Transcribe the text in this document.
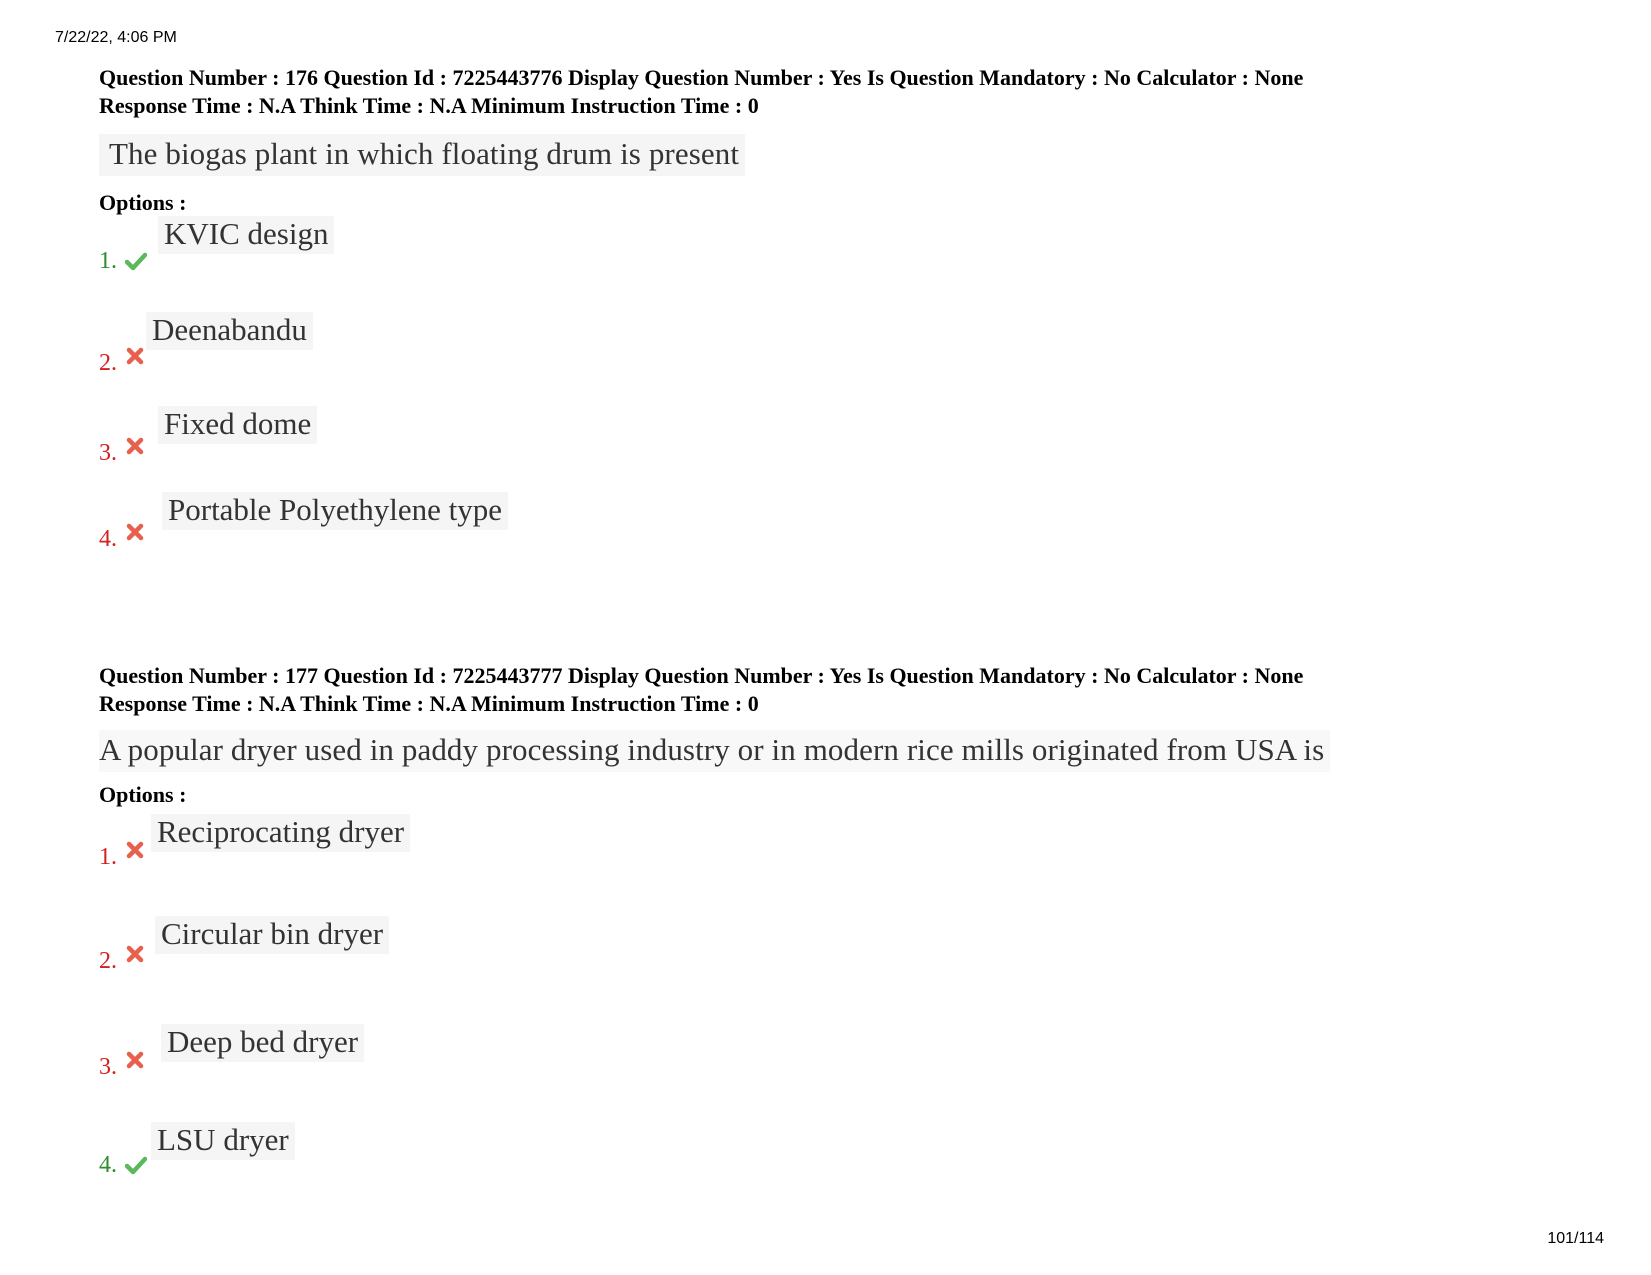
7/22/22, 4:06 PM
Question Number : 176 Question Id : 7225443776 Display Question Number : Yes Is Question Mandatory : No Calculator : None
Response Time : N.A Think Time : N.A Minimum Instruction Time : 0
The biogas plant in which floating drum is present
Options :
1.
KVIC design
2.
Deenabandu
3.
Fixed dome
4.
Portable Polyethylene type
Question Number : 177 Question Id : 7225443777 Display Question Number : Yes Is Question Mandatory : No Calculator : None
Response Time : N.A Think Time : N.A Minimum Instruction Time : 0
A popular dryer used in paddy processing industry or in modern rice mills originated from USA is
Options :
1.
Reciprocating dryer
2.
Circular bin dryer
3.
Deep bed dryer
4.
LSU dryer
101/114
